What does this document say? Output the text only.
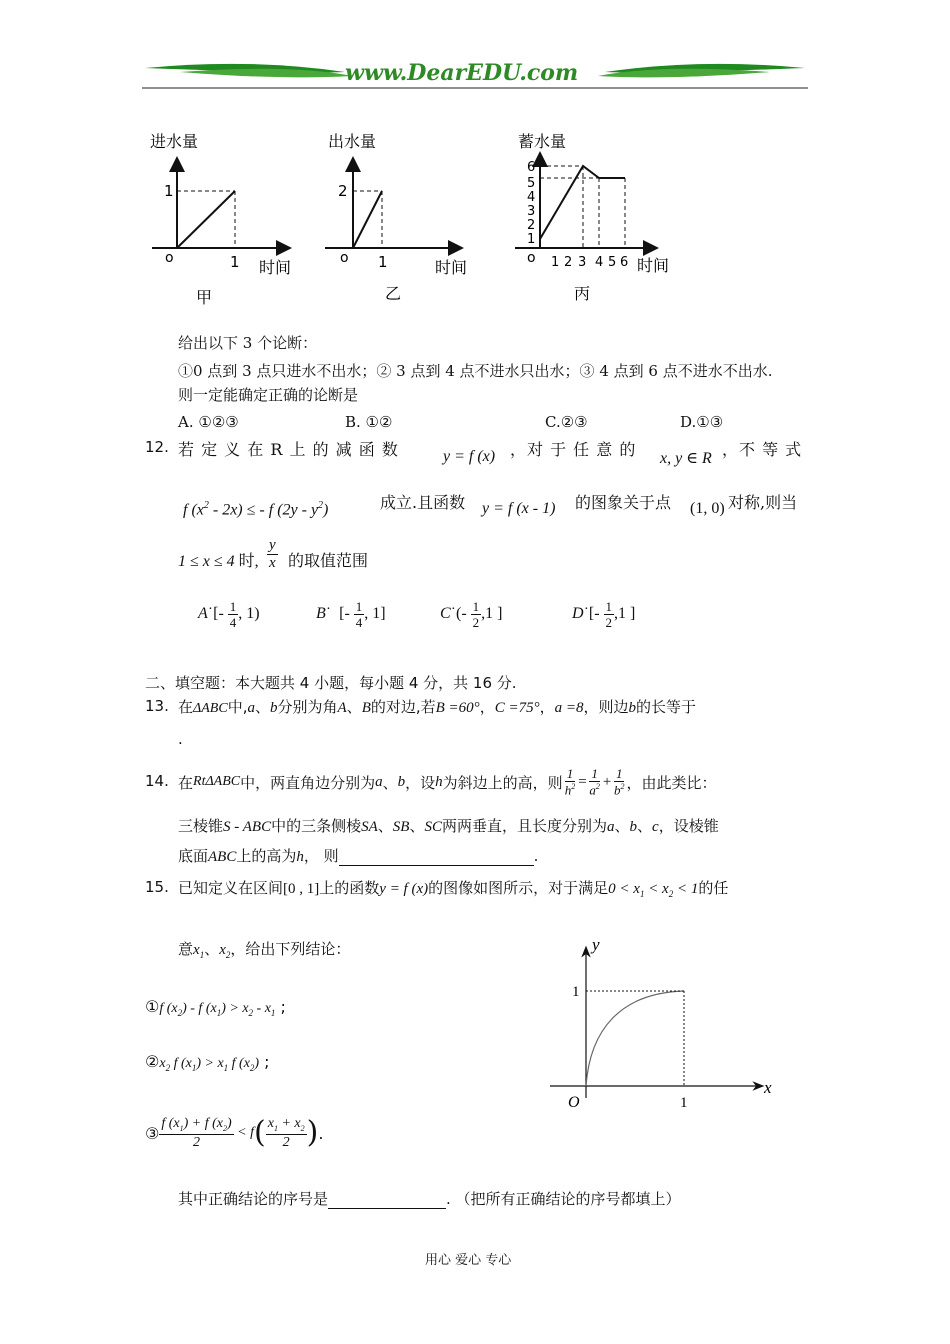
www.DearEDU.com
进水量
时间
1
1
o
甲
出水量
时间
2
1
o
乙
蓄水量
时间
1
2
3
4
5
6
1 2 3 4 5 6
o
丙
给出以下 3 个论断：
①0 点到 3 点只进水不出水；② 3 点到 4 点不进水只出水；③ 4 点到 6 点不进水不出水.
则一定能确定正确的论断是
A. ①②③	B. ①②	C.②③	D.①③
12. 若 定 义 在 R 上 的 减 函 数	y = f (x) ，对 于 任 意 的 x, y ∈ R ，不 等 式
f $(x^2 - 2x)$ ≤ - f $(2y - y^2)$	成立.且函数 y = f (x - 1) 的图象关于点 (1, 0) 对称,则当
1 ≤ x ≤ 4 时, $\frac{y}{x}$ 的取值范围
A˙[- $\frac{1}{4}$ , 1)	B˙  [- $\frac{1}{4}$ , 1]	C˙(- $\frac{1}{2} ,1$ ]	D˙[- $\frac{1}{2} ,1$ ]
二、填空题：本大题共 4 小题，每小题 4 分，共 16 分.
13. 在ΔABC中,a、b分别为角A、B的对边,若B =60°，C =75°，a =8，则边b的长等于
.
14. 在 RtΔABC 中，两直角边分别为 a 、 b ，设 h 为斜边上的高，则 $\frac{1}{h^2} = \frac{1}{a^2} + \frac{1}{b^2}$ ，由此类比：
三棱锥S - ABC中的三条侧棱SA、SB、SC两两垂直，且长度分别为a、b、c，设棱锥
底面ABC上的高为h， 则	.
15. 已知定义在区间[0 , 1]上的函数y = f (x)的图像如图所示，对于满足$0 < x_1 < x_2 < 1$的任
意$x_1$、$x_2$，给出下列结论：
①f $(x_2)$ - f $(x_1) > x_2 - x_1$ ;
$②x_2$ f $(x_1) > x_1$ f $(x_2)$ ;
③ $\frac{f (x_1) + f (x_2)}{2} < f$ ( $\frac{x_1 + x_2}{2}$ ) .
y
x
O	1
1
其中正确结论的序号是	. （把所有正确结论的序号都填上）
用心 爱心 专心
